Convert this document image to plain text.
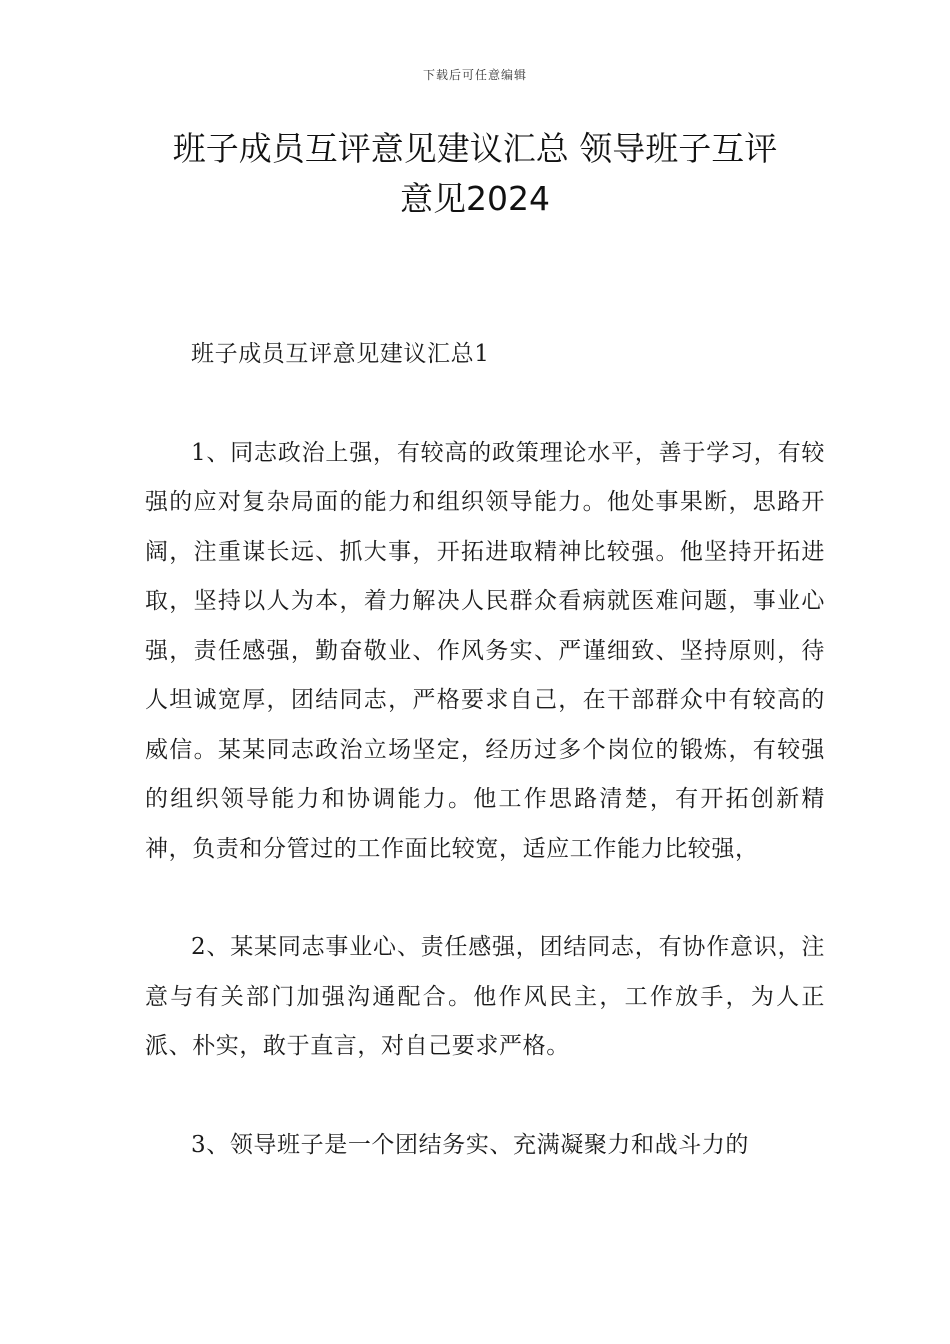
下载后可任意编辑
班子成员互评意见建议汇总 领导班子互评
意见2024

班子成员互评意见建议汇总1

1、同志政治上强，有较高的政策理论水平，善于学习，有较强的应对复杂局面的能力和组织领导能力。他处事果断，思路开阔，注重谋长远、抓大事，开拓进取精神比较强。他坚持开拓进取，坚持以人为本，着力解决人民群众看病就医难问题，事业心强，责任感强，勤奋敬业、作风务实、严谨细致、坚持原则，待人坦诚宽厚，团结同志，严格要求自己，在干部群众中有较高的威信。某某同志政治立场坚定，经历过多个岗位的锻炼，有较强的组织领导能力和协调能力。他工作思路清楚，有开拓创新精神，负责和分管过的工作面比较宽，适应工作能力比较强，

2、某某同志事业心、责任感强，团结同志，有协作意识，注意与有关部门加强沟通配合。他作风民主，工作放手，为人正派、朴实，敢于直言，对自己要求严格。

3、领导班子是一个团结务实、充满凝聚力和战斗力的
